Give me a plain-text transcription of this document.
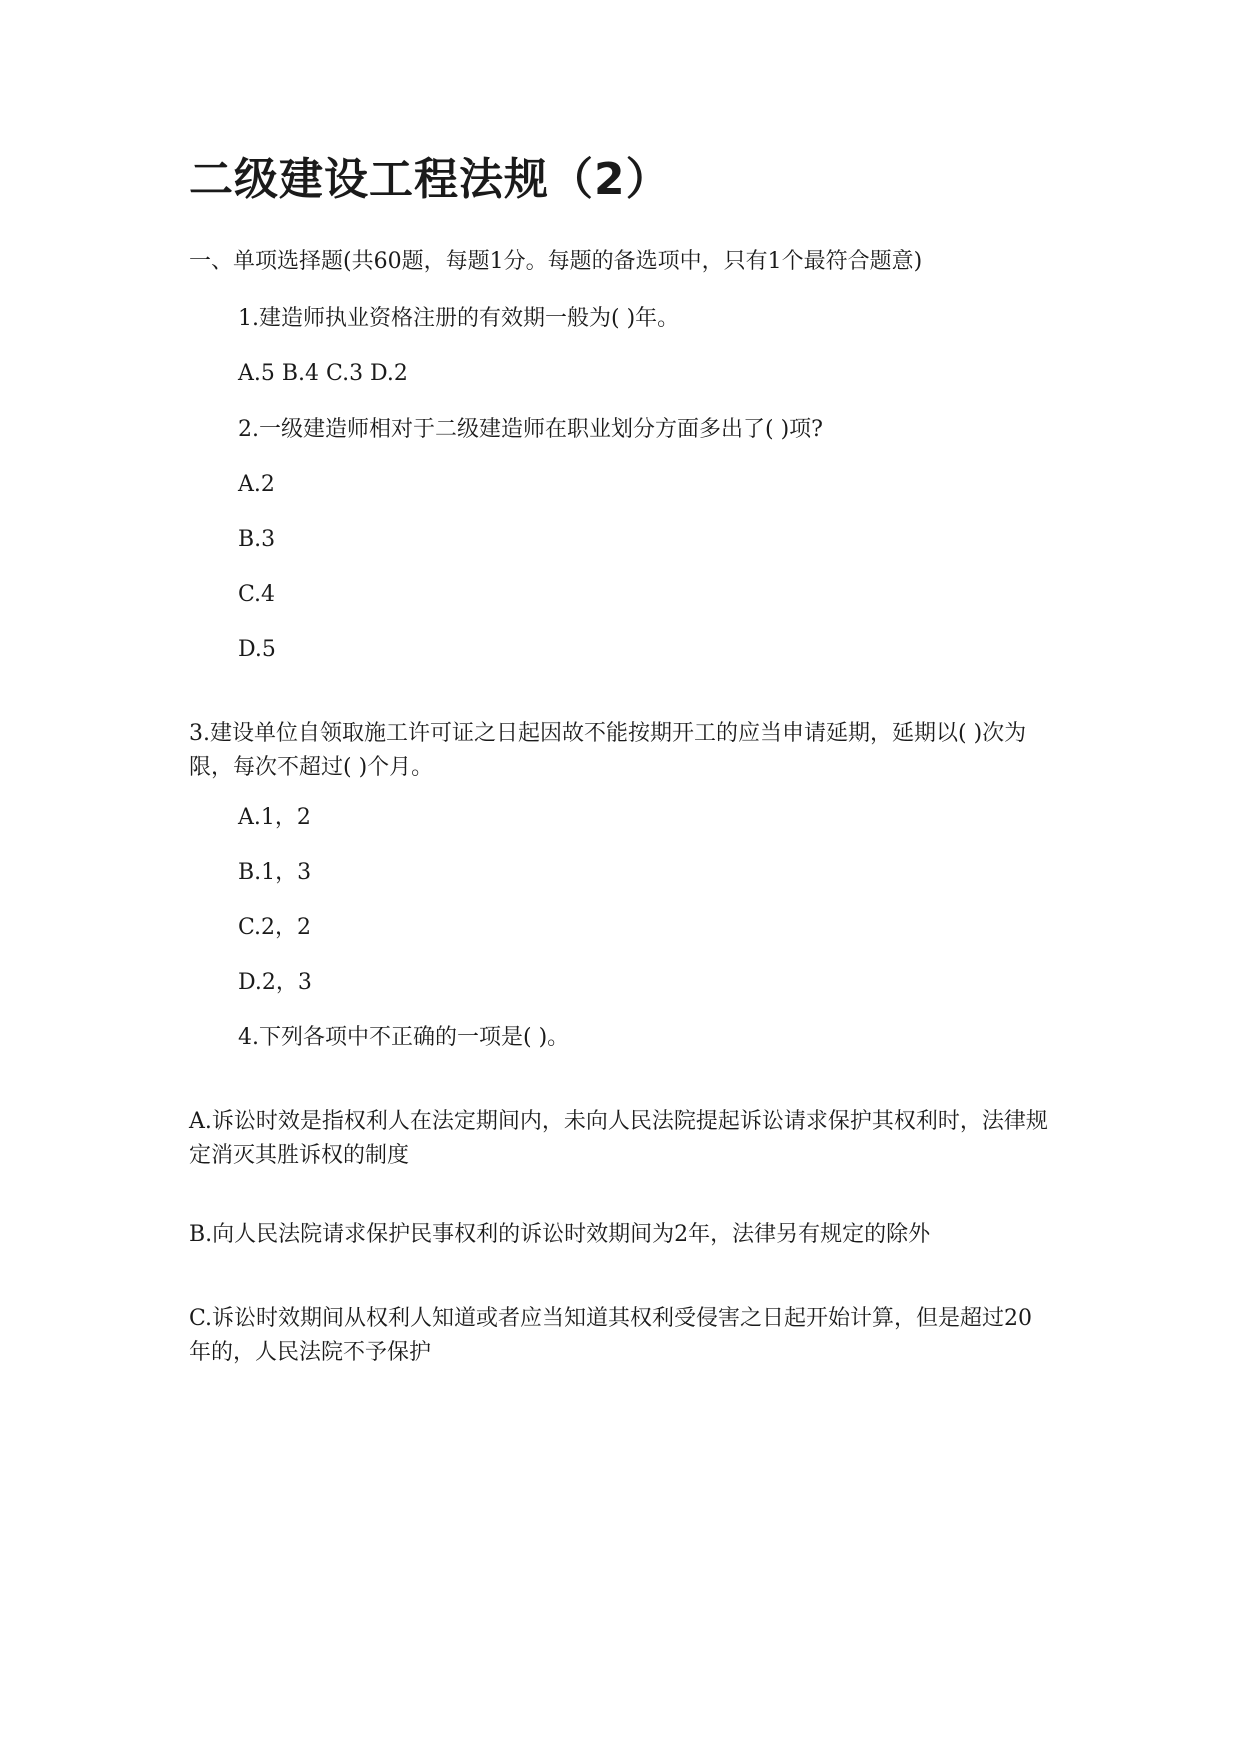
二级建设工程法规（2）

一、单项选择题(共60题，每题1分。每题的备选项中，只有1个最符合题意)

1.建造师执业资格注册的有效期一般为( )年。

A.5 B.4 C.3 D.2

2.一级建造师相对于二级建造师在职业划分方面多出了( )项?

A.2

B.3

C.4

D.5

3.建设单位自领取施工许可证之日起因故不能按期开工的应当申请延期，延期以( )次为限，每次不超过( )个月。

A.1，2

B.1，3

C.2，2

D.2，3

4.下列各项中不正确的一项是( )。

A.诉讼时效是指权利人在法定期间内，未向人民法院提起诉讼请求保护其权利时，法律规定消灭其胜诉权的制度

B.向人民法院请求保护民事权利的诉讼时效期间为2年，法律另有规定的除外

C.诉讼时效期间从权利人知道或者应当知道其权利受侵害之日起开始计算，但是超过20年的，人民法院不予保护
